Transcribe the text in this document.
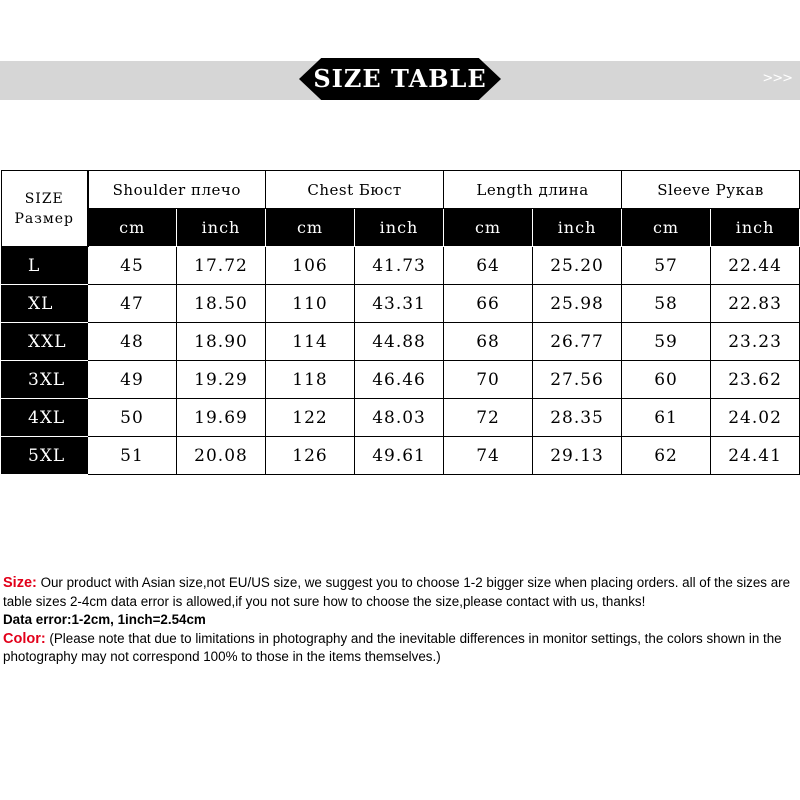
>>>
SIZE TABLE
SIZE
Размер	Shoulder плечо		Chest Бюст		Length длина		Sleeve Рукав	
	cm	inch	cm	inch	cm	inch	cm	inch
L	45	17.72	106	41.73	64	25.20	57	22.44
XL	47	18.50	110	43.31	66	25.98	58	22.83
XXL	48	18.90	114	44.88	68	26.77	59	23.23
3XL	49	19.29	118	46.46	70	27.56	60	23.62
4XL	50	19.69	122	48.03	72	28.35	61	24.02
5XL	51	20.08	126	49.61	74	29.13	62	24.41

Size: Our product with Asian size,not EU/US size, we suggest you to choose 1-2 bigger size when placing orders. all of the sizes are table sizes 2-4cm data error is allowed,if you not sure how to choose the size,please contact with us, thanks!

Data error:1-2cm, 1inch=2.54cm

Color: (Please note that due to limitations in photography and the inevitable differences in monitor settings, the colors shown in the photography may not correspond 100% to those in the items themselves.)
